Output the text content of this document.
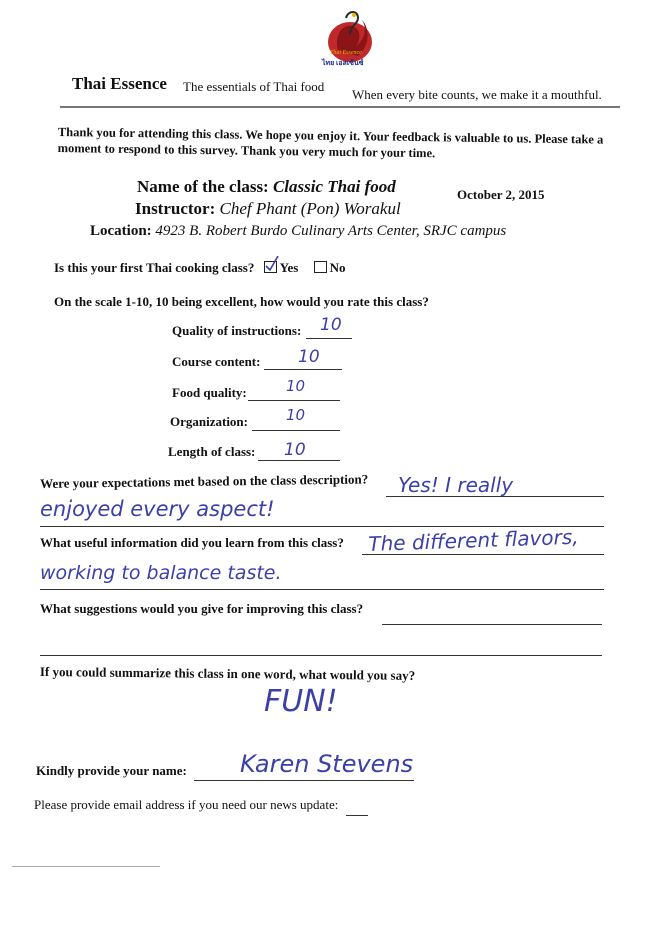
Thai Essence
ไทย เอสเซ้นซ์
Thai Essence The essentials of Thai food
When every bite counts, we make it a mouthful.
Thank you for attending this class. We hope you enjoy it. Your feedback is valuable to us. Please take a moment to respond to this survey. Thank you very much for your time.
Name of the class: Classic Thai food	October 2, 2015
Instructor: Chef Phant (Pon) Worakul
Location: 4923 B. Robert Burdo Culinary Arts Center, SRJC campus
Is this your first Thai cooking class? Yes No
On the scale 1-10, 10 being excellent, how would you rate this class?
Quality of instructions: 10
Course content: 10
Food quality:	10
Organization:	10
Length of class: 10
Were your expectations met based on the class description? Yes! I really
enjoyed every aspect!
What useful information did you learn from this class? The different flavors,
working to balance taste.
What suggestions would you give for improving this class?
If you could summarize this class in one word, what would you say?
FUN!
Kindly provide your name: Karen Stevens
Please provide email address if you need our news update:
